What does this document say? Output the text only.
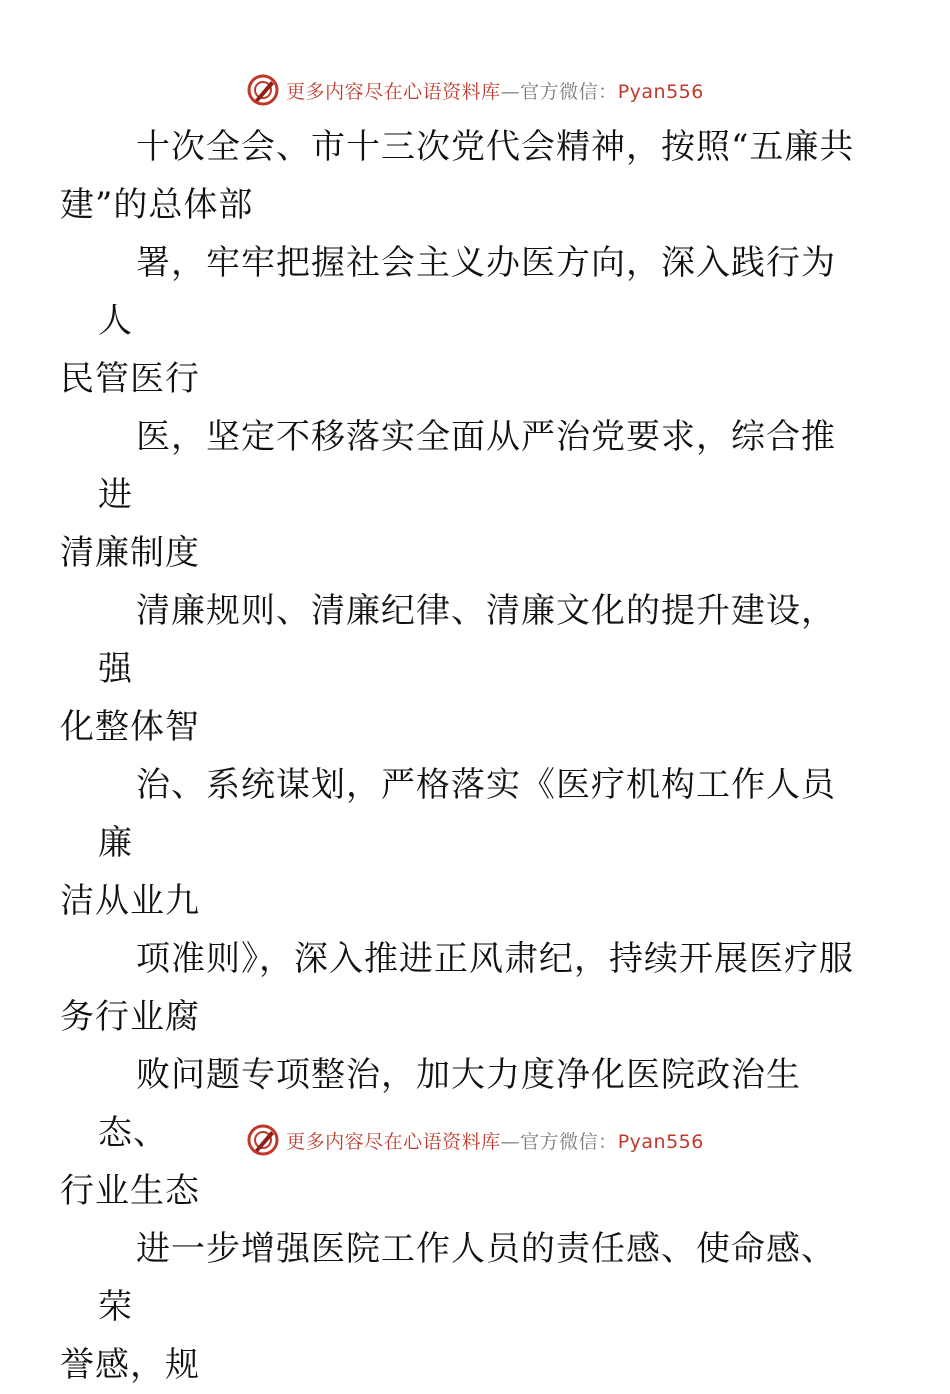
更多内容尽在心语资料库—官方微信：Pyan556

十次全会、市十三次党代会精神，按照“五廉共
建”的总体部

署，牢牢把握社会主义办医方向，深入践行为人
民管医行

医，坚定不移落实全面从严治党要求，综合推进
清廉制度

清廉规则、清廉纪律、清廉文化的提升建设，强
化整体智

治、系统谋划，严格落实《医疗机构工作人员廉
洁从业九

项准则》，深入推进正风肃纪，持续开展医疗服
务行业腐

败问题专项整治，加大力度净化医院政治生态、
行业生态

进一步增强医院工作人员的责任感、使命感、荣
誉感，规

更多内容尽在心语资料库—官方微信：Pyan556
